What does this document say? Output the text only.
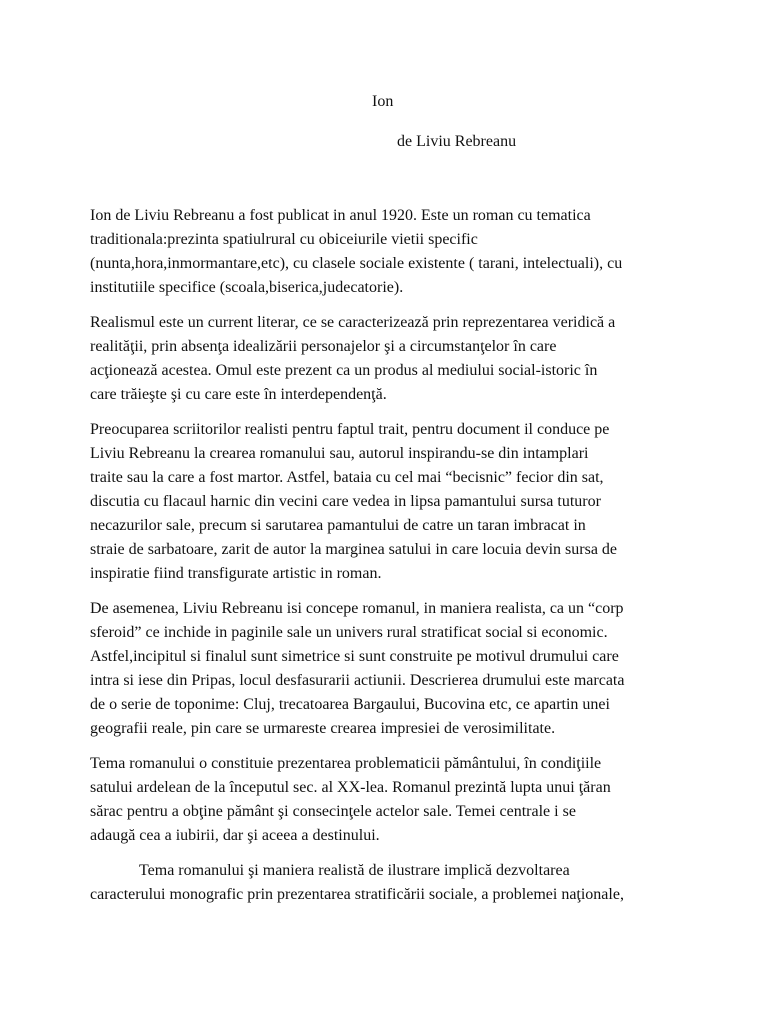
Ion
de Liviu Rebreanu

Ion de Liviu Rebreanu a fost publicat in anul 1920. Este un roman cu tematica
traditionala:prezinta spatiulrural cu obiceiurile vietii specific
(nunta,hora,inmormantare,etc), cu clasele sociale existente ( tarani, intelectuali), cu
institutiile specifice (scoala,biserica,judecatorie).

Realismul este un current literar, ce se caracterizează prin reprezentarea veridică a
realităţii, prin absenţa idealizării personajelor şi a circumstanţelor în care
acţionează acestea. Omul este prezent ca un produs al mediului social-istoric în
care trăieşte şi cu care este în interdependenţă.

Preocuparea scriitorilor realisti pentru faptul trait, pentru document il conduce pe
Liviu Rebreanu la crearea romanului sau, autorul inspirandu-se din intamplari
traite sau la care a fost martor. Astfel, bataia cu cel mai “becisnic” fecior din sat,
discutia cu flacaul harnic din vecini care vedea in lipsa pamantului sursa tuturor
necazurilor sale, precum si sarutarea pamantului de catre un taran imbracat in
straie de sarbatoare, zarit de autor la marginea satului in care locuia devin sursa de
inspiratie fiind transfigurate artistic in roman.

De asemenea, Liviu Rebreanu isi concepe romanul, in maniera realista, ca un “corp
sferoid” ce inchide in paginile sale un univers rural stratificat social si economic.
Astfel,incipitul si finalul sunt simetrice si sunt construite pe motivul drumului care
intra si iese din Pripas, locul desfasurarii actiunii. Descrierea drumului este marcata
de o serie de toponime: Cluj, trecatoarea Bargaului, Bucovina etc, ce apartin unei
geografii reale, pin care se urmareste crearea impresiei de verosimilitate.

Tema romanului o constituie prezentarea problematicii pământului, în condiţiile
satului ardelean de la începutul sec. al XX-lea. Romanul prezintă lupta unui ţăran
sărac pentru a obţine pământ şi consecinţele actelor sale. Temei centrale i se
adaugă cea a iubirii, dar şi aceea a destinului.

Tema romanului şi maniera realistă de ilustrare implică dezvoltarea
caracterului monografic prin prezentarea stratificării sociale, a problemei naţionale,
